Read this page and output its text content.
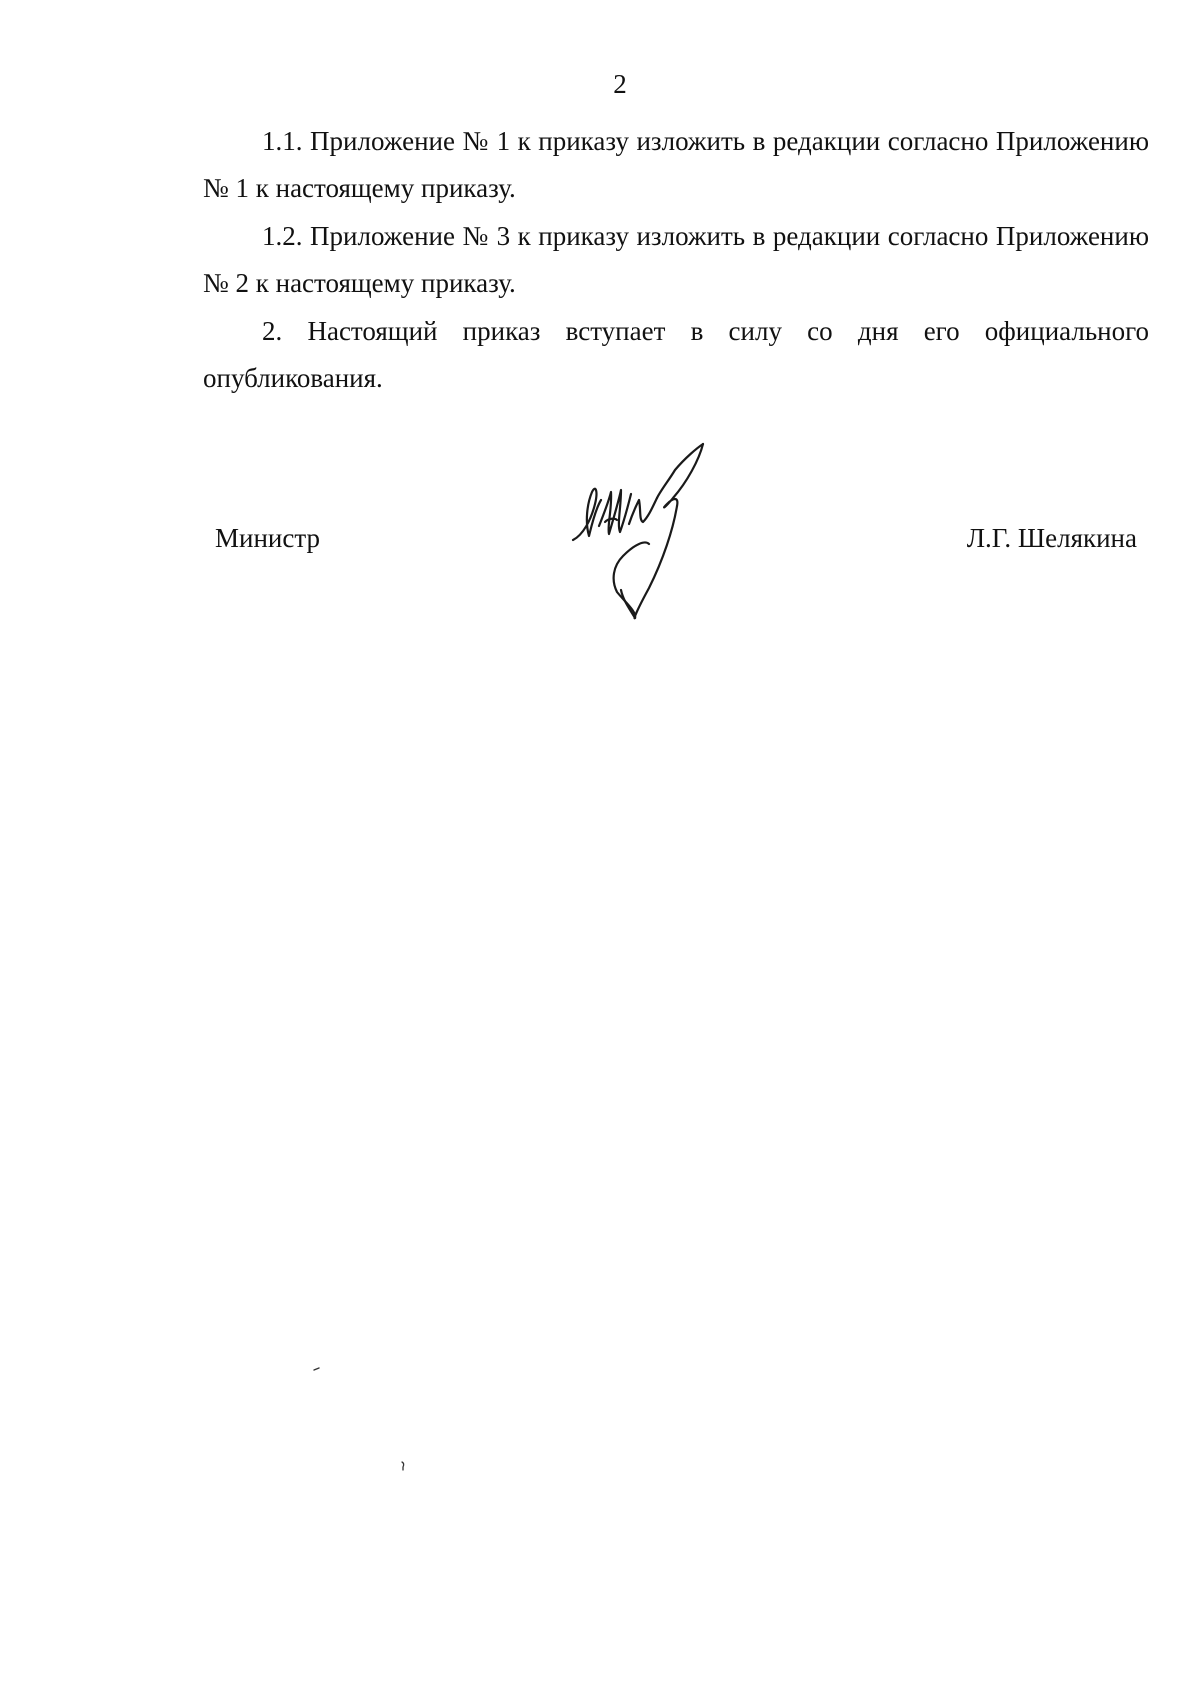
2

1.1. Приложение № 1 к приказу изложить в редакции согласно Приложению № 1 к настоящему приказу.

1.2. Приложение № 3 к приказу изложить в редакции согласно Приложению № 2 к настоящему приказу.

2. Настоящий приказ вступает в силу со дня его официального опубликования.

Министр	Л.Г. Шелякина
